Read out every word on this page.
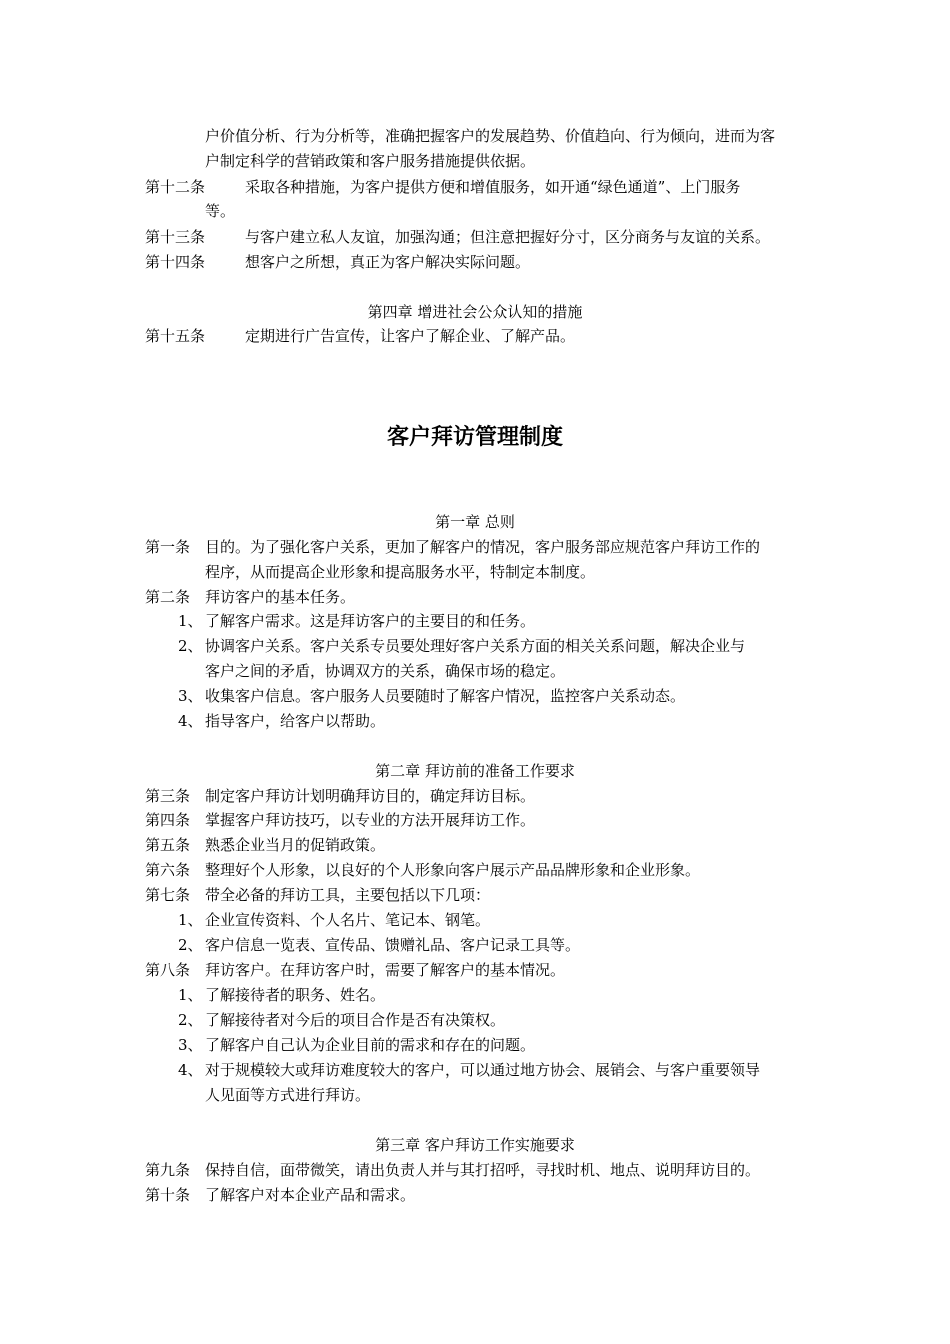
户价值分析、行为分析等，准确把握客户的发展趋势、价值趋向、行为倾向，进而为客
户制定科学的营销政策和客户服务措施提供依据。
第十二条	采取各种措施，为客户提供方便和增值服务，如开通“绿色通道”、上门服务
等。
第十三条	与客户建立私人友谊，加强沟通；但注意把握好分寸，区分商务与友谊的关系。
第十四条	想客户之所想，真正为客户解决实际问题。
第四章 增进社会公众认知的措施
第十五条	定期进行广告宣传，让客户了解企业、了解产品。
客户拜访管理制度
第一章 总则
第一条 目的。为了强化客户关系，更加了解客户的情况，客户服务部应规范客户拜访工作的
程序，从而提高企业形象和提高服务水平，特制定本制度。
第二条 拜访客户的基本任务。
1、 了解客户需求。这是拜访客户的主要目的和任务。
2、 协调客户关系。客户关系专员要处理好客户关系方面的相关关系问题，解决企业与
客户之间的矛盾，协调双方的关系，确保市场的稳定。
3、 收集客户信息。客户服务人员要随时了解客户情况，监控客户关系动态。
4、 指导客户，给客户以帮助。
第二章 拜访前的准备工作要求
第三条 制定客户拜访计划明确拜访目的，确定拜访目标。
第四条 掌握客户拜访技巧，以专业的方法开展拜访工作。
第五条 熟悉企业当月的促销政策。
第六条 整理好个人形象，以良好的个人形象向客户展示产品品牌形象和企业形象。
第七条 带全必备的拜访工具，主要包括以下几项：
1、 企业宣传资料、个人名片、笔记本、钢笔。
2、 客户信息一览表、宣传品、馈赠礼品、客户记录工具等。
第八条 拜访客户。在拜访客户时，需要了解客户的基本情况。
1、 了解接待者的职务、姓名。
2、 了解接待者对今后的项目合作是否有决策权。
3、 了解客户自己认为企业目前的需求和存在的问题。
4、 对于规模较大或拜访难度较大的客户，可以通过地方协会、展销会、与客户重要领导
人见面等方式进行拜访。
第三章 客户拜访工作实施要求
第九条 保持自信，面带微笑，请出负责人并与其打招呼，寻找时机、地点、说明拜访目的。
第十条 了解客户对本企业产品和需求。
